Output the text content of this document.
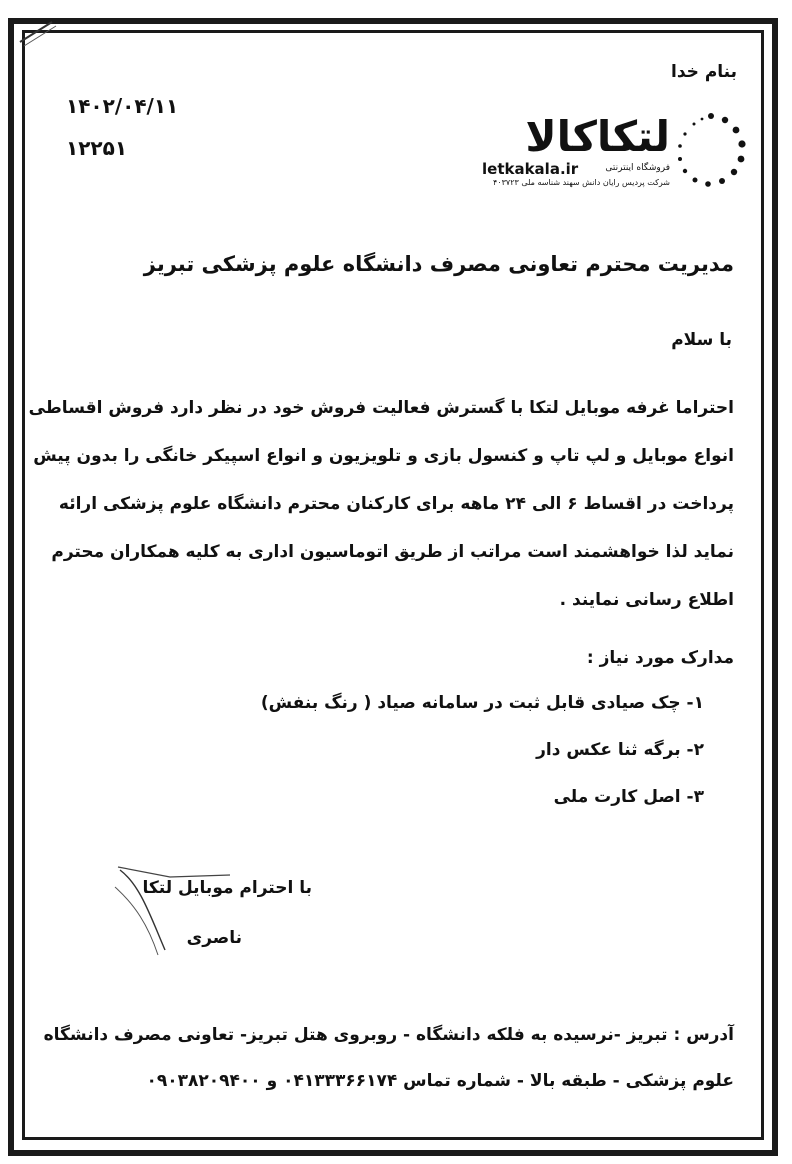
بنام خدا
۱۴۰۲/۰۴/۱۱
۱۲۲۵۱	لتکاکالا
letkakala.ir	فروشگاه اینترنتی
شرکت پردیس رایان دانش سهند شناسه ملی ۴۰۳۷۲۳
مدیریت محترم تعاونی مصرف دانشگاه علوم پزشکی تبریز
با سلام
احتراما غرفه موبایل لتکا با گسترش فعالیت فروش خود در نظر دارد فروش اقساطی
انواع موبایل و لپ تاپ و کنسول بازی و تلویزیون و انواع اسپیکر خانگی را بدون پیش
پرداخت در اقساط ۶ الی ۲۴ ماهه برای کارکنان محترم دانشگاه علوم پزشکی ارائه
نماید لذا خواهشمند است مراتب از طریق اتوماسیون اداری به کلیه همکاران محترم
اطلاع رسانی نمایند .
مدارک مورد نیاز :
۱- چک صیادی قابل ثبت در سامانه صیاد ( رنگ بنفش)
۲- برگه ثنا عکس دار
۳- اصل کارت ملی
با احترام موبایل لتکا
ناصری
آدرس : تبریز -نرسیده به فلکه دانشگاه - روبروی هتل تبریز- تعاونی مصرف دانشگاه
علوم پزشکی - طبقه بالا - شماره تماس ۰۴۱۳۳۳۶۶۱۷۴ و ۰۹۰۳۸۲۰۹۴۰۰
